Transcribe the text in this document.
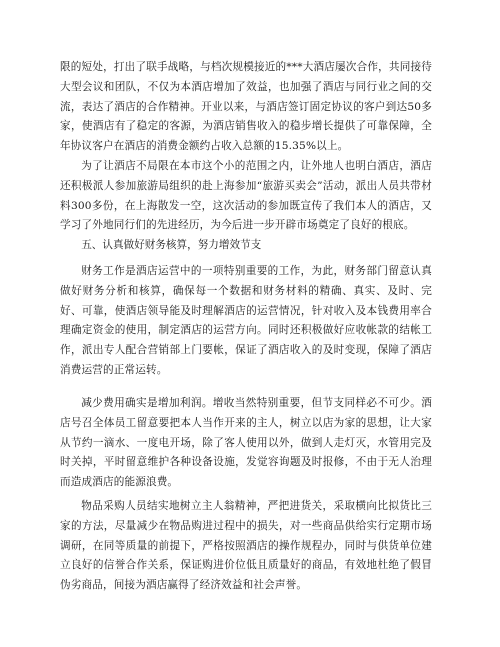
限的短处，打出了联手战略，与档次规模接近的***大酒店屡次合作，共同接待大型会议和团队，不仅为本酒店增加了效益，也加强了酒店与同行业之间的交流，表达了酒店的合作精神。开业以来，与酒店签订固定协议的客户到达50多家，使酒店有了稳定的客源，为酒店销售收入的稳步增长提供了可靠保障，全年协议客户在酒店的消费金额约占收入总额的15.35%以上。

为了让酒店不局限在本市这个小的范围之内，让外地人也明白酒店，酒店还积极派人参加旅游局组织的赴上海参加“旅游买卖会”活动，派出人员共带材料300多份，在上海散发一空，这次活动的参加既宣传了我们本人的酒店，又学习了外地同行们的先进经历，为今后进一步开辟市场奠定了良好的根底。

五、认真做好财务核算，努力增效节支

财务工作是酒店运营中的一项特别重要的工作，为此，财务部门留意认真做好财务分析和核算，确保每一个数据和财务材料的精确、真实、及时、完好、可靠，使酒店领导能及时理解酒店的运营情况，针对收入及本钱费用率合理确定资金的使用，制定酒店的运营方向。同时还积极做好应收帐款的结帐工作，派出专人配合营销部上门要帐，保证了酒店收入的及时变现，保障了酒店消费运营的正常运转。

减少费用确实是增加利润。增收当然特别重要，但节支同样必不可少。酒店号召全体员工留意要把本人当作开来的主人，树立以店为家的思想，让大家从节约一滴水、一度电开场，除了客人使用以外，做到人走灯灭，水管用完及时关掉，平时留意维护各种设备设施，发觉容询题及时报修，不由于无人治理而造成酒店的能源浪费。

物品采购人员结实地树立主人翁精神，严把进货关，采取横向比拟货比三家的方法，尽量减少在物品购进过程中的损失，对一些商品供给实行定期市场调研，在同等质量的前提下，严格按照酒店的操作规程办，同时与供货单位建立良好的信誉合作关系，保证购进价位低且质量好的商品，有效地杜绝了假冒伪劣商品，间接为酒店赢得了经济效益和社会声誉。
